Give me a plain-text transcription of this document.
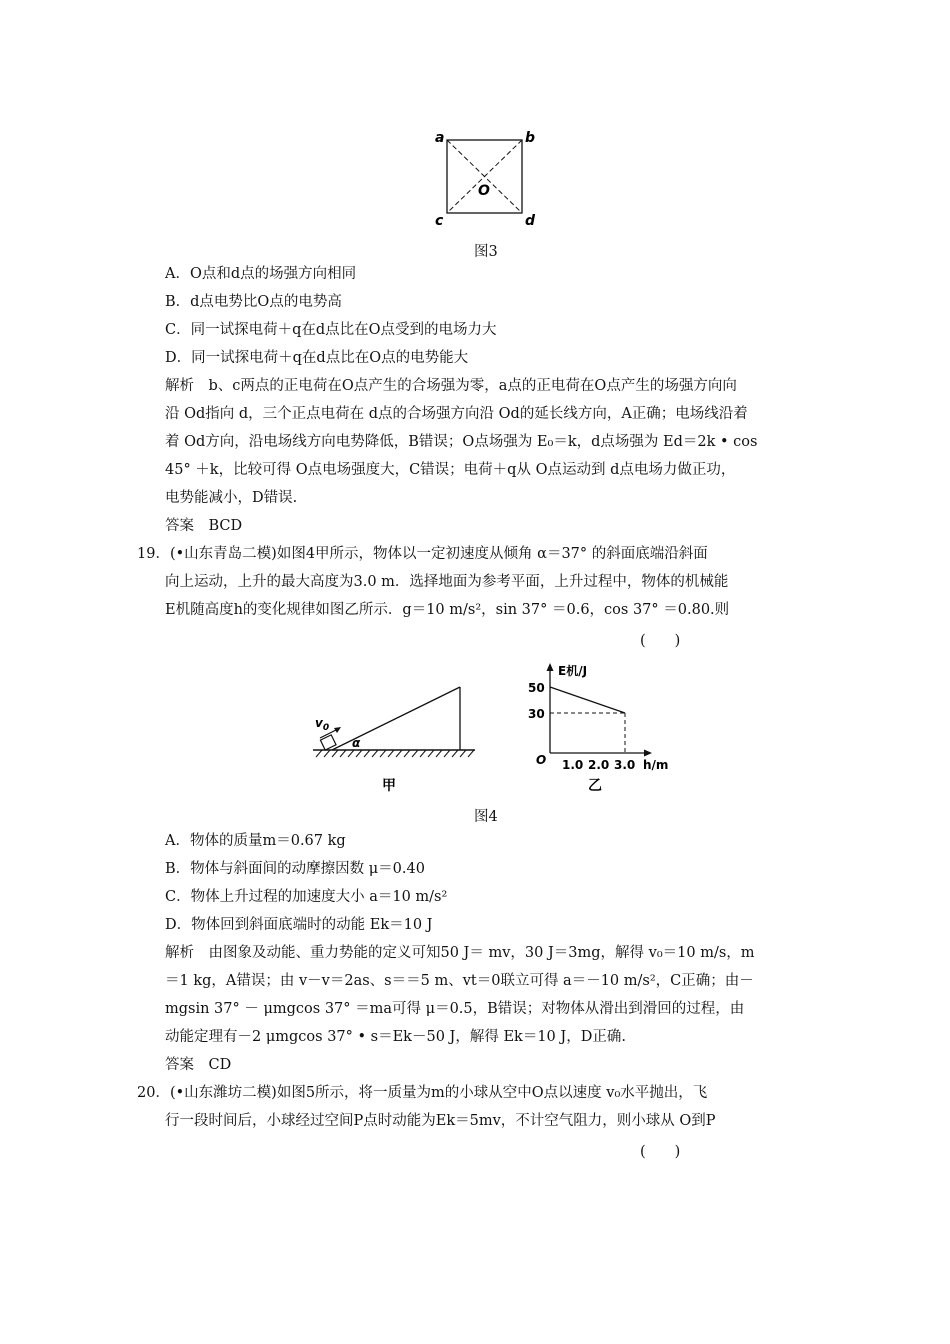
a	b
c	d
O
图3
A．O点和d点的场强方向相同
B．d点电势比O点的电势高
C．同一试探电荷＋q在d点比在O点受到的电场力大
D．同一试探电荷＋q在d点比在O点的电势能大
解析　b、c两点的正电荷在O点产生的合场强为零，a点的正电荷在O点产生的场强方向向
沿 Od指向 d，三个正点电荷在 d点的合场强方向沿 Od的延长线方向，A正确；电场线沿着
着 Od方向，沿电场线方向电势降低，B错误；O点场强为 E₀＝k，d点场强为 Ed＝2k • cos
45° ＋k，比较可得 O点电场强度大，C错误；电荷＋q从 O点运动到 d点电场力做正功，
电势能减小，D错误.
答案　BCD
19．(•山东青岛二模)如图4甲所示，物体以一定初速度从倾角 α＝37° 的斜面底端沿斜面
向上运动，上升的最大高度为3.0 m．选择地面为参考平面，上升过程中，物体的机械能
E机随高度h的变化规律如图乙所示．g＝10 m/s²，sin 37° ＝0.6，cos 37° ＝0.80.则
(　　)
$v_0$
α
甲
E机/J
50
30
O 1.0 2.0 3.0 h/m
乙
图4
A．物体的质量m＝0.67 kg
B．物体与斜面间的动摩擦因数 μ＝0.40
C．物体上升过程的加速度大小 a＝10 m/s²
D．物体回到斜面底端时的动能 Ek＝10 J
解析　由图象及动能、重力势能的定义可知50 J＝ mv，30 J＝3mg，解得 v₀＝10 m/s，m
＝1 kg，A错误；由 v－v＝2as、s＝＝5 m、vt＝0联立可得 a＝－10 m/s²，C正确；由－
mgsin 37° － μmgcos 37° ＝ma可得 μ＝0.5，B错误；对物体从滑出到滑回的过程，由
动能定理有－2 μmgcos 37° • s＝Ek－50 J，解得 Ek＝10 J，D正确.
答案　CD
20．(•山东潍坊二模)如图5所示，将一质量为m的小球从空中O点以速度 v₀水平抛出，飞
行一段时间后，小球经过空间P点时动能为Ek＝5mv，不计空气阻力，则小球从 O到P
(　　)
